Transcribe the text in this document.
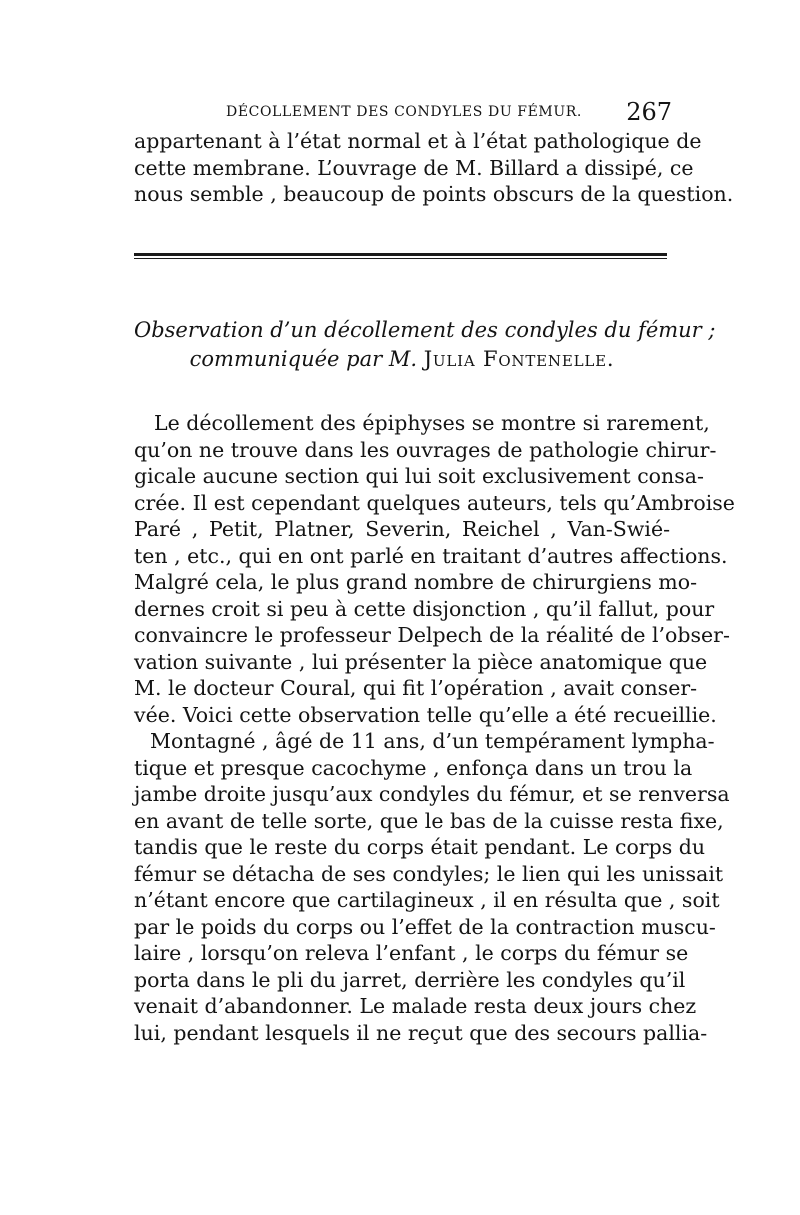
DÉCOLLEMENT DES CONDYLES DU FÉMUR. 267

appartenant à l’état normal et à l’état pathologique de

cette membrane. L’ouvrage de M. Billard a dissipé, ce

nous semble , beaucoup de points obscurs de la question.

Observation d’un décollement des condyles du fémur ;

communiquée par M. Julia Fontenelle.

Le décollement des épiphyses se montre si rarement,

qu’on ne trouve dans les ouvrages de pathologie chirur-

gicale aucune section qui lui soit exclusivement consa-

crée. Il est cependant quelques auteurs, tels qu’Ambroise

Paré , Petit, Platner, Severin, Reichel , Van-Swié-

ten , etc., qui en ont parlé en traitant d’autres affections.

Malgré cela, le plus grand nombre de chirurgiens mo-

dernes croit si peu à cette disjonction , qu’il fallut, pour

convaincre le professeur Delpech de la réalité de l’obser-

vation suivante , lui présenter la pièce anatomique que

M. le docteur Coural, qui fit l’opération , avait conser-

vée. Voici cette observation telle qu’elle a été recueillie.

Montagné , âgé de 11 ans, d’un tempérament lympha-

tique et presque cacochyme , enfonça dans un trou la

jambe droite jusqu’aux condyles du fémur, et se renversa

en avant de telle sorte, que le bas de la cuisse resta fixe,

tandis que le reste du corps était pendant. Le corps du

fémur se détacha de ses condyles; le lien qui les unissait

n’étant encore que cartilagineux , il en résulta que , soit

par le poids du corps ou l’effet de la contraction muscu-

laire , lorsqu’on releva l’enfant , le corps du fémur se

porta dans le pli du jarret, derrière les condyles qu’il

venait d’abandonner. Le malade resta deux jours chez

lui, pendant lesquels il ne reçut que des secours pallia-
